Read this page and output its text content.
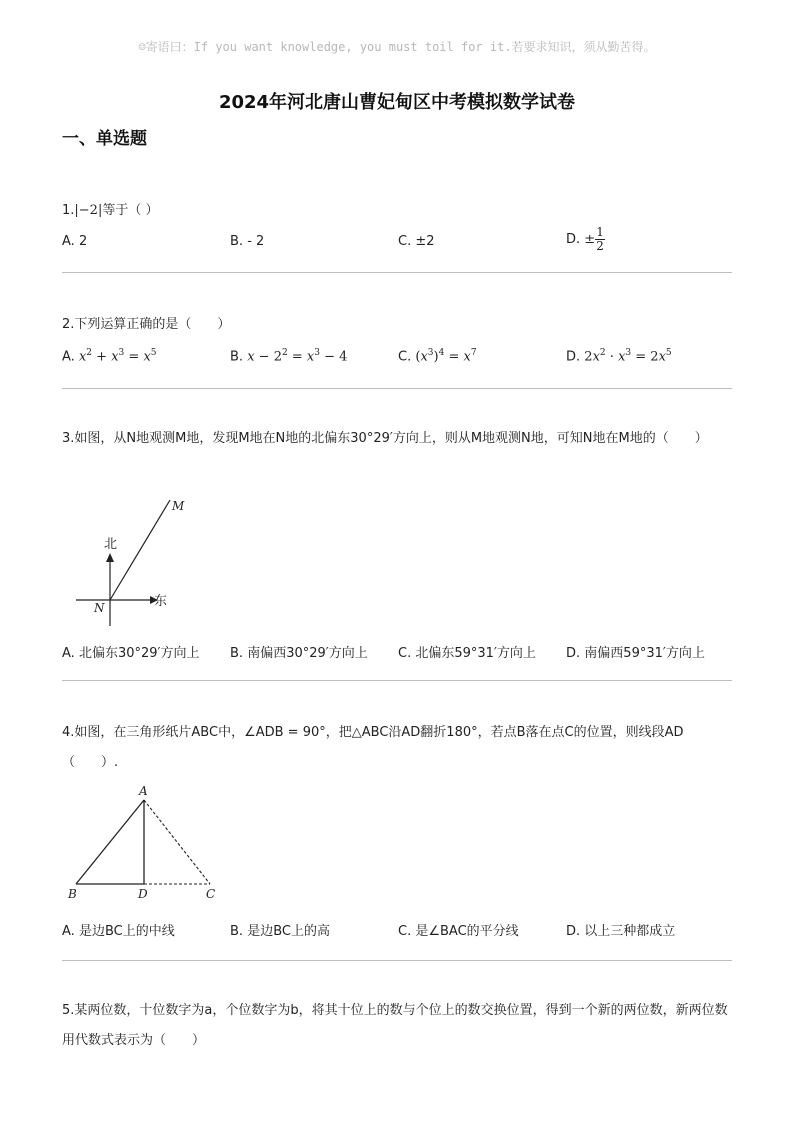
☺寄语曰：If you want knowledge, you must toil for it.若要求知识，须从勤苦得。
2024年河北唐山曹妃甸区中考模拟数学试卷
一、单选题
1.|−2|等于（ ）
A. 2	B. - 2	C. ±2	D. ± $\frac{1}{2}$
2.下列运算正确的是（　　）
A. $x^2 + x^3 = x^5$	B. $x - 2^2 = x^3 - 4$	C. $(x^3)^4 = x^7$	D. $2x^2 \cdot x^3 = 2x^5$
3.如图，从N地观测M地，发现M地在N地的北偏东30°29′方向上，则从M地观测N地，可知N地在M地的（　　）
北
东
M
N
A. 北偏东30°29′方向上 B. 南偏西30°29′方向上 C. 北偏东59°31′方向上 D. 南偏西59°31′方向上
4.如图，在三角形纸片ABC中，∠ADB = 90°，把△ABC沿AD翻折180°，若点B落在点C的位置，则线段AD（　　）.
A
B	D	C
A. 是边BC上的中线	B. 是边BC上的高	C. 是∠BAC的平分线	D. 以上三种都成立
5.某两位数，十位数字为a，个位数字为b，将其十位上的数与个位上的数交换位置，得到一个新的两位数，新两位数用代数式表示为（　　）
